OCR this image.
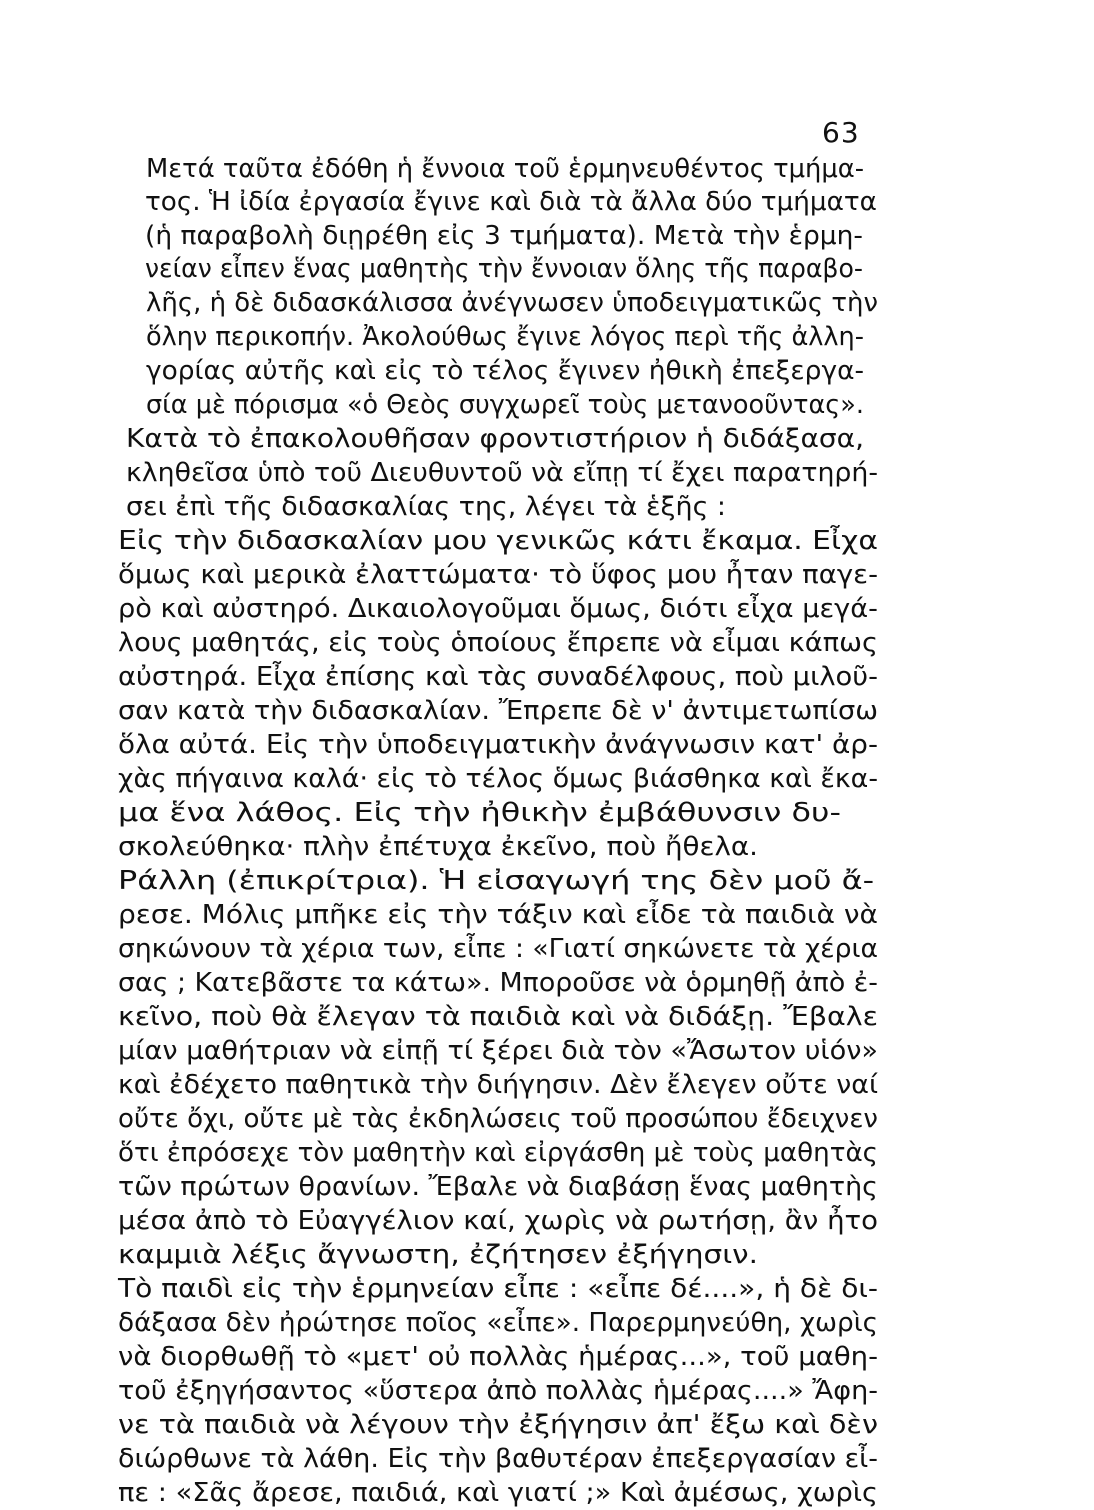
63
Μετά ταῦτα ἐδόθη ἡ ἔννοια τοῦ ἑρμηνευθέντος τμήμα-
τος. Ἡ ἰδία ἐργασία ἔγινε καὶ διὰ τὰ ἄλλα δύο τμήματα
(ἡ παραβολὴ διῃρέθη εἰς 3 τμήματα). Μετὰ τὴν ἑρμη-
νείαν εἶπεν ἕνας μαθητὴς τὴν ἔννοιαν ὅλης τῆς παραβο-
λῆς, ἡ δὲ διδασκάλισσα ἀνέγνωσεν ὑποδειγματικῶς τὴν
ὅλην περικοπήν. Ἀκολούθως ἔγινε λόγος περὶ τῆς ἀλλη-
γορίας αὐτῆς καὶ εἰς τὸ τέλος ἔγινεν ἠθικὴ ἐπεξεργα-
σία μὲ πόρισμα «ὁ Θεὸς συγχωρεῖ τοὺς μετανοοῦντας».
Κατὰ τὸ ἐπακολουθῆσαν φροντιστήριον ἡ διδάξασα,
κληθεῖσα ὑπὸ τοῦ Διευθυντοῦ νὰ εἴπῃ τί ἔχει παρατηρή-
σει ἐπὶ τῆς διδασκαλίας της, λέγει τὰ ἑξῆς :
Εἰς τὴν διδασκαλίαν μου γενικῶς κάτι ἔκαμα. Εἶχα
ὅμως καὶ μερικὰ ἐλαττώματα· τὸ ὕφος μου ἦταν παγε-
ρὸ καὶ αὐστηρό. Δικαιολογοῦμαι ὅμως, διότι εἶχα μεγά-
λους μαθητάς, εἰς τοὺς ὁποίους ἔπρεπε νὰ εἶμαι κάπως
αὐστηρά. Εἶχα ἐπίσης καὶ τὰς συναδέλφους, ποὺ μιλοῦ-
σαν κατὰ τὴν διδασκαλίαν. Ἔπρεπε δὲ ν' ἀντιμετωπίσω
ὅλα αὐτά. Εἰς τὴν ὑποδειγματικὴν ἀνάγνωσιν κατ' ἀρ-
χὰς πήγαινα καλά· εἰς τὸ τέλος ὅμως βιάσθηκα καὶ ἔκα-
μα ἕνα λάθος. Εἰς τὴν ἠθικὴν ἐμβάθυνσιν δυ-
σκολεύθηκα· πλὴν ἐπέτυχα ἐκεῖνο, ποὺ ἤθελα.
Ράλλη (ἐπικρίτρια). Ἡ εἰσαγωγή της δὲν μοῦ ἄ-
ρεσε. Μόλις μπῆκε εἰς τὴν τάξιν καὶ εἶδε τὰ παιδιὰ νὰ
σηκώνουν τὰ χέρια των, εἶπε : «Γιατί σηκώνετε τὰ χέρια
σας ; Κατεβᾶστε τα κάτω». Μποροῦσε νὰ ὁρμηθῇ ἀπὸ ἐ-
κεῖνο, ποὺ θὰ ἔλεγαν τὰ παιδιὰ καὶ νὰ διδάξῃ. Ἔβαλε
μίαν μαθήτριαν νὰ εἰπῇ τί ξέρει διὰ τὸν «Ἄσωτον υἱόν»
καὶ ἐδέχετο παθητικὰ τὴν διήγησιν. Δὲν ἔλεγεν οὔτε ναί
οὔτε ὄχι, οὔτε μὲ τὰς ἐκδηλώσεις τοῦ προσώπου ἔδειχνεν
ὅτι ἐπρόσεχε τὸν μαθητὴν καὶ εἰργάσθη μὲ τοὺς μαθητὰς
τῶν πρώτων θρανίων. Ἔβαλε νὰ διαβάσῃ ἕνας μαθητὴς
μέσα ἀπὸ τὸ Εὐαγγέλιον καί, χωρὶς νὰ ρωτήσῃ, ἂν ἦτο
καμμιὰ λέξις ἄγνωστη, ἐζήτησεν ἐξήγησιν.
Τὸ παιδὶ εἰς τὴν ἑρμηνείαν εἶπε : «εἶπε δέ....», ἡ δὲ δι-
δάξασα δὲν ἠρώτησε ποῖος «εἶπε». Παρερμηνεύθη, χωρὶς
νὰ διορθωθῇ τὸ «μετ' οὐ πολλὰς ἡμέρας...», τοῦ μαθη-
τοῦ ἐξηγήσαντος «ὕστερα ἀπὸ πολλὰς ἡμέρας....» Ἄφη-
νε τὰ παιδιὰ νὰ λέγουν τὴν ἐξήγησιν ἀπ' ἔξω καὶ δὲν
διώρθωνε τὰ λάθη. Εἰς τὴν βαθυτέραν ἐπεξεργασίαν εἶ-
πε : «Σᾶς ἄρεσε, παιδιά, καὶ γιατί ;» Καὶ ἀμέσως, χωρὶς
